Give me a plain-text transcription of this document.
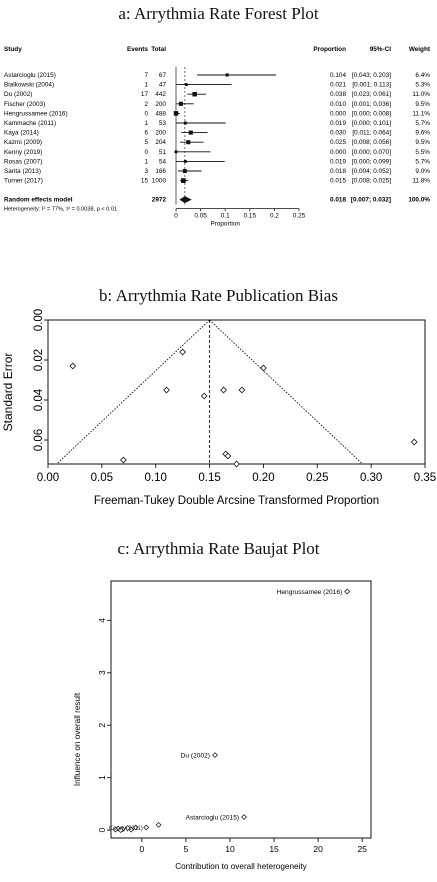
a: Arrythmia Rate Forest Plot
Study	Events Total	Proportion	95%-CI	Weight
Astarcioglu (2015)	7 67	0.104 [0.043; 0.203]	6.4%
Bialkowski (2004)	1 47	0.021 [0.001; 0.113]	5.3%
Du (2002)	17 442	0.038 [0.023; 0.061]	11.0%
Fischer (2003)	2 200	0.010 [0.001; 0.036]	9.5%
Hengrussamee (2016)	0 488	0.000 [0.000; 0.008]	11.1%
Kammache (2011)	1 53	0.019 [0.000; 0.101]	5.7%
Kaya (2014)	6 200	0.030 [0.011; 0.064]	9.6%
Kazmi (2009)	5 204	0.025 [0.008; 0.056]	9.5%
Kenny (2019)	0 51	0.000 [0.000; 0.070]	5.5%
Rosas (2007)	1 54	0.019 [0.000; 0.099]	5.7%
Sarita (2013)	3 166	0.018 [0.004; 0.052]	9.0%
Turner (2017)	15 1000	0.015 [0.008; 0.025]	11.8%
Random effects model	2972	0.018 [0.007; 0.032]	100.0%
Heterogeneity: I² = 77%, τ² = 0.0038, p < 0.01
0	0.05 0.1 0.15 0.2 0.25
Proportion
b: Arrythmia Rate Publication Bias
0.00	0.05	0.10	0.15	0.20	0.25	0.30	0.35
0.00
0.02
0.04
0.06
Freeman-Tukey Double Arcsine Transformed Proportion
Standard Error
c: Arrythmia Rate Baujat Plot
0	5	10	15	20	25
0
1
2
3
4
Hengrussamee (2016)
Du (2002)
Astarcioglu (2015)
Kenny(2011)
Contribution to overall heterogeneity
Influence on overall result
